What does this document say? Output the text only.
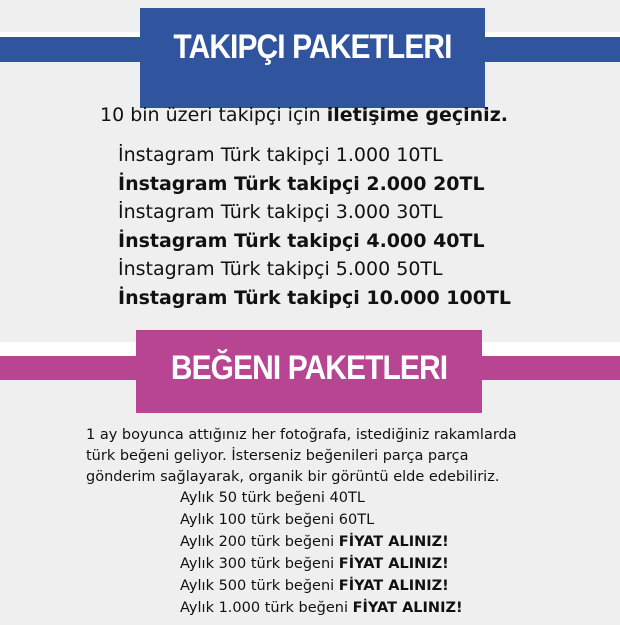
TAKIPÇI PAKETLERI
10 bin üzeri takipçi için iletişime geçiniz.
İnstagram Türk takipçi 1.000 10TL
İnstagram Türk takipçi 2.000 20TL
İnstagram Türk takipçi 3.000 30TL
İnstagram Türk takipçi 4.000 40TL
İnstagram Türk takipçi 5.000 50TL
İnstagram Türk takipçi 10.000 100TL
BEĞENI PAKETLERI
1 ay boyunca attığınız her fotoğrafa, istediğiniz rakamlarda
türk beğeni geliyor. İsterseniz beğenileri parça parça
gönderim sağlayarak, organik bir görüntü elde edebiliriz.
Aylık 50 türk beğeni 40TL
Aylık 100 türk beğeni 60TL
Aylık 200 türk beğeni FİYAT ALINIZ!
Aylık 300 türk beğeni FİYAT ALINIZ!
Aylık 500 türk beğeni FİYAT ALINIZ!
Aylık 1.000 türk beğeni FİYAT ALINIZ!
